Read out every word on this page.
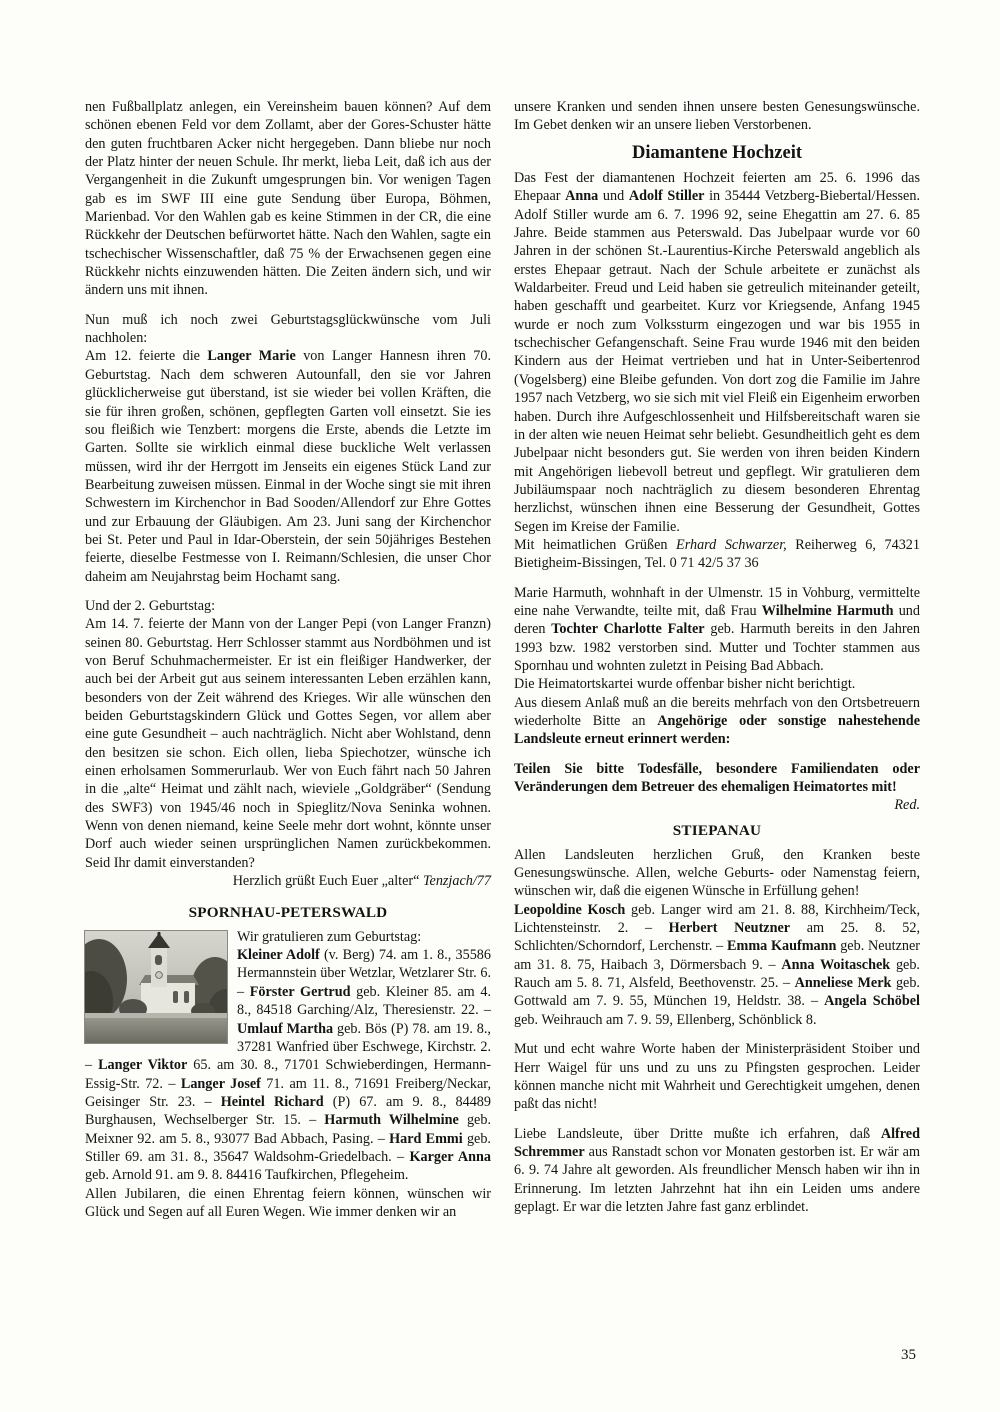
nen Fußballplatz anlegen, ein Vereinsheim bauen können? Auf dem schönen ebenen Feld vor dem Zollamt, aber der Gores-Schuster hätte den guten fruchtbaren Acker nicht hergegeben. Dann bliebe nur noch der Platz hinter der neuen Schule. Ihr merkt, lieba Leit, daß ich aus der Vergangenheit in die Zukunft umgesprungen bin. Vor wenigen Tagen gab es im SWF III eine gute Sendung über Europa, Böhmen, Marienbad. Vor den Wahlen gab es keine Stimmen in der CR, die eine Rückkehr der Deutschen befürwortet hätte. Nach den Wahlen, sagte ein tschechischer Wissenschaftler, daß 75 % der Erwachsenen gegen eine Rückkehr nichts einzuwenden hätten. Die Zeiten ändern sich, und wir ändern uns mit ihnen.

Nun muß ich noch zwei Geburtstagsglückwünsche vom Juli nachholen:

Am 12. feierte die Langer Marie von Langer Hannesn ihren 70. Geburtstag. Nach dem schweren Autounfall, den sie vor Jahren glücklicherweise gut überstand, ist sie wieder bei vollen Kräften, die sie für ihren großen, schönen, gepflegten Garten voll einsetzt. Sie ies sou fleißich wie Tenzbert: morgens die Erste, abends die Letzte im Garten. Sollte sie wirklich einmal diese buckliche Welt verlassen müssen, wird ihr der Herrgott im Jenseits ein eigenes Stück Land zur Bearbeitung zuweisen müssen. Einmal in der Woche singt sie mit ihren Schwestern im Kirchenchor in Bad Sooden/Allendorf zur Ehre Gottes und zur Erbauung der Gläubigen. Am 23. Juni sang der Kirchenchor bei St. Peter und Paul in Idar-Oberstein, der sein 50jähriges Bestehen feierte, dieselbe Festmesse von I. Reimann/Schlesien, die unser Chor daheim am Neujahrstag beim Hochamt sang.

Und der 2. Geburtstag:

Am 14. 7. feierte der Mann von der Langer Pepi (von Langer Franzn) seinen 80. Geburtstag. Herr Schlosser stammt aus Nordböhmen und ist von Beruf Schuhmachermeister. Er ist ein fleißiger Handwerker, der auch bei der Arbeit gut aus seinem interessanten Leben erzählen kann, besonders von der Zeit während des Krieges. Wir alle wünschen den beiden Geburtstagskindern Glück und Gottes Segen, vor allem aber eine gute Gesundheit – auch nachträglich. Nicht aber Wohlstand, denn den besitzen sie schon. Eich ollen, lieba Spiechotzer, wünsche ich einen erholsamen Sommerurlaub. Wer von Euch fährt nach 50 Jahren in die „alte“ Heimat und zählt nach, wieviele „Goldgräber“ (Sendung des SWF3) von 1945/46 noch in Spieglitz/Nova Seninka wohnen. Wenn von denen niemand, keine Seele mehr dort wohnt, könnte unser Dorf auch wieder seinen ursprünglichen Namen zurückbekommen. Seid Ihr damit einverstanden?

Herzlich grüßt Euch Euer „alter“ Tenzjach/77

SPORNHAU-PETERSWALD

Wir gratulieren zum Geburtstag:
Kleiner Adolf (v. Berg) 74. am 1. 8., 35586 Hermannstein über Wetzlar, Wetzlarer Str. 6. – Förster Gertrud geb. Kleiner 85. am 4. 8., 84518 Garching/Alz, Theresienstr. 22. – Umlauf Martha geb. Bös (P) 78. am 19. 8., 37281 Wanfried über Eschwege, Kirchstr. 2. – Langer Viktor 65. am 30. 8., 71701 Schwieberdingen, Hermann-Essig-Str. 72. – Langer Josef 71. am 11. 8., 71691 Freiberg/Neckar, Geisinger Str. 23. – Heintel Richard (P) 67. am 9. 8., 84489 Burghausen, Wechselberger Str. 15. – Harmuth Wilhelmine geb. Meixner 92. am 5. 8., 93077 Bad Abbach, Pasing. – Hard Emmi geb. Stiller 69. am 31. 8., 35647 Waldsohm-Griedelbach. – Karger Anna geb. Arnold 91. am 9. 8. 84416 Taufkirchen, Pflegeheim.

Allen Jubilaren, die einen Ehrentag feiern können, wünschen wir Glück und Segen auf all Euren Wegen. Wie immer denken wir an

unsere Kranken und senden ihnen unsere besten Genesungswünsche. Im Gebet denken wir an unsere lieben Verstorbenen.

Diamantene Hochzeit

Das Fest der diamantenen Hochzeit feierten am 25. 6. 1996 das Ehepaar Anna und Adolf Stiller in 35444 Vetzberg-Biebertal/Hessen. Adolf Stiller wurde am 6. 7. 1996 92, seine Ehegattin am 27. 6. 85 Jahre. Beide stammen aus Peterswald. Das Jubelpaar wurde vor 60 Jahren in der schönen St.-Laurentius-Kirche Peterswald angeblich als erstes Ehepaar getraut. Nach der Schule arbeitete er zunächst als Waldarbeiter. Freud und Leid haben sie getreulich miteinander geteilt, haben geschafft und gearbeitet. Kurz vor Kriegsende, Anfang 1945 wurde er noch zum Volkssturm eingezogen und war bis 1955 in tschechischer Gefangenschaft. Seine Frau wurde 1946 mit den beiden Kindern aus der Heimat vertrieben und hat in Unter-Seibertenrod (Vogelsberg) eine Bleibe gefunden. Von dort zog die Familie im Jahre 1957 nach Vetzberg, wo sie sich mit viel Fleiß ein Eigenheim erworben haben. Durch ihre Aufgeschlossenheit und Hilfsbereitschaft waren sie in der alten wie neuen Heimat sehr beliebt. Gesundheitlich geht es dem Jubelpaar nicht besonders gut. Sie werden von ihren beiden Kindern mit Angehörigen liebevoll betreut und gepflegt. Wir gratulieren dem Jubiläumspaar noch nachträglich zu diesem besonderen Ehrentag herzlichst, wünschen ihnen eine Besserung der Gesundheit, Gottes Segen im Kreise der Familie.

Mit heimatlichen Grüßen Erhard Schwarzer, Reiherweg 6, 74321 Bietigheim-Bissingen, Tel. 0 71 42/5 37 36

Marie Harmuth, wohnhaft in der Ulmenstr. 15 in Vohburg, vermittelte eine nahe Verwandte, teilte mit, daß Frau Wilhelmine Harmuth und deren Tochter Charlotte Falter geb. Harmuth bereits in den Jahren 1993 bzw. 1982 verstorben sind. Mutter und Tochter stammen aus Spornhau und wohnten zuletzt in Peising Bad Abbach.

Die Heimatortskartei wurde offenbar bisher nicht berichtigt.

Aus diesem Anlaß muß an die bereits mehrfach von den Ortsbetreuern wiederholte Bitte an Angehörige oder sonstige nahestehende Landsleute erneut erinnert werden:

Teilen Sie bitte Todesfälle, besondere Familiendaten oder Veränderungen dem Betreuer des ehemaligen Heimatortes mit!
Red.

STIEPANAU

Allen Landsleuten herzlichen Gruß, den Kranken beste Genesungswünsche. Allen, welche Geburts- oder Namenstag feiern, wünschen wir, daß die eigenen Wünsche in Erfüllung gehen!
Leopoldine Kosch geb. Langer wird am 21. 8. 88, Kirchheim/Teck, Lichtensteinstr. 2. – Herbert Neutzner am 25. 8. 52, Schlichten/Schorndorf, Lerchenstr. – Emma Kaufmann geb. Neutzner am 31. 8. 75, Haibach 3, Dörmersbach 9. – Anna Woitaschek geb. Rauch am 5. 8. 71, Alsfeld, Beethovenstr. 25. – Anneliese Merk geb. Gottwald am 7. 9. 55, München 19, Heldstr. 38. – Angela Schöbel geb. Weihrauch am 7. 9. 59, Ellenberg, Schönblick 8.

Mut und echt wahre Worte haben der Ministerpräsident Stoiber und Herr Waigel für uns und zu uns zu Pfingsten gesprochen. Leider können manche nicht mit Wahrheit und Gerechtigkeit umgehen, denen paßt das nicht!

Liebe Landsleute, über Dritte mußte ich erfahren, daß Alfred Schremmer aus Ranstadt schon vor Monaten gestorben ist. Er wär am 6. 9. 74 Jahre alt geworden. Als freundlicher Mensch haben wir ihn in Erinnerung. Im letzten Jahrzehnt hat ihn ein Leiden ums andere geplagt. Er war die letzten Jahre fast ganz erblindet.

35
